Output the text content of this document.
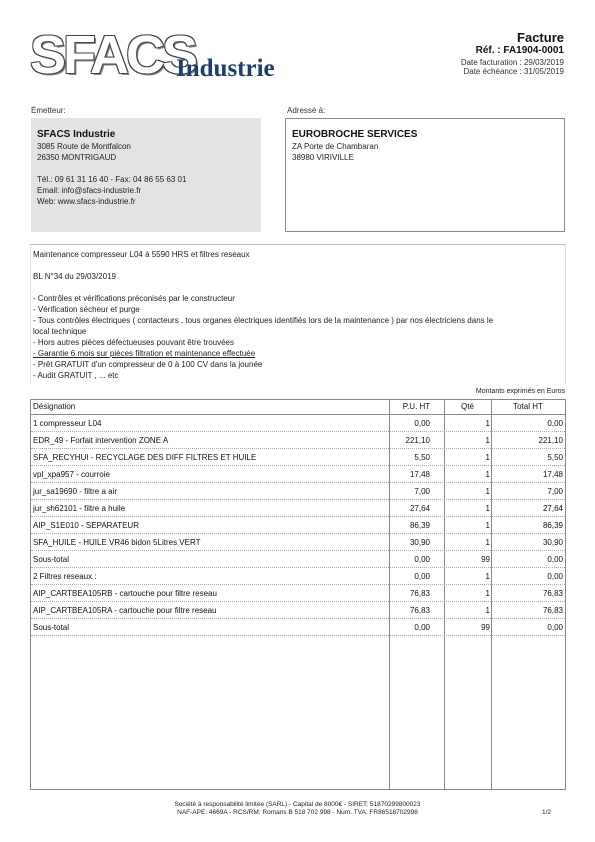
SFACS
Industrie
Facture
Réf. : FA1904-0001
Date facturation : 29/03/2019
Date échéance : 31/05/2019
Émetteur:
SFACS Industrie
3085 Route de Montfalcon
26350 MONTRIGAUD
Tél.: 09 61 31 16 40 - Fax: 04 86 55 63 01
Email: info@sfacs-industrie.fr
Web: www.sfacs-industrie.fr
Adressé à:
EUROBROCHE SERVICES
ZA Porte de Chambaran
38980 VIRIVILLE
Maintenance compresseur L04 à 5590 HRS et filtres reseaux
BL N°34 du 29/03/2019
- Contrôles et vérifications préconisés par le constructeur
- Vérification sécheur et purge
- Tous contrôles électriques ( contacteurs , tous organes électriques identifiés lors de la maintenance ) par nos électriciens dans le
local technique
- Hors autres pièces défectueuses pouvant être trouvées
- Garantie 6 mois sur pièces filtration et maintenance effectuée
- Prêt GRATUIT d'un compresseur de 0 à 100 CV dans la jounée
- Audit GRATUIT , ... etc
Montants exprimés en Euros
Désignation	P.U. HT	Qté	Total HT
1 compresseur L04	0,00	1	0,00
EDR_49 - Forfait intervention ZONE A	221,10	1	221,10
SFA_RECYHUI - RECYCLAGE DES DIFF FILTRES ET HUILE	5,50	1	5,50
vpl_xpa957 - courroie	17,48	1	17,48
jur_sa19690 - filtre a air	7,00	1	7,00
jur_sh62101 - filtre a huile	27,64	1	27,64
AIP_S1E010 - SEPARATEUR	86,39	1	86,39
SFA_HUILE - HUILE VR46 bidon 5Litres VERT	30,90	1	30,90
Sous-total	0,00	99	0,00
2 Filtres reseaux :	0,00	1	0,00
AIP_CARTBEA105RB - cartouche pour filtre reseau	76,83	1	76,83
AIP_CARTBEA105RA - cartouche pour filtre reseau	76,83	1	76,83
Sous-total	0,00	99	0,00
Société à responsabilité limitée (SARL) - Capital de 8000€ - SIRET: 51870299800023
NAF-APE: 4669A - RCS/RM: Romans B 518 702 998 - Num. TVA: FR86518702998	1/2
